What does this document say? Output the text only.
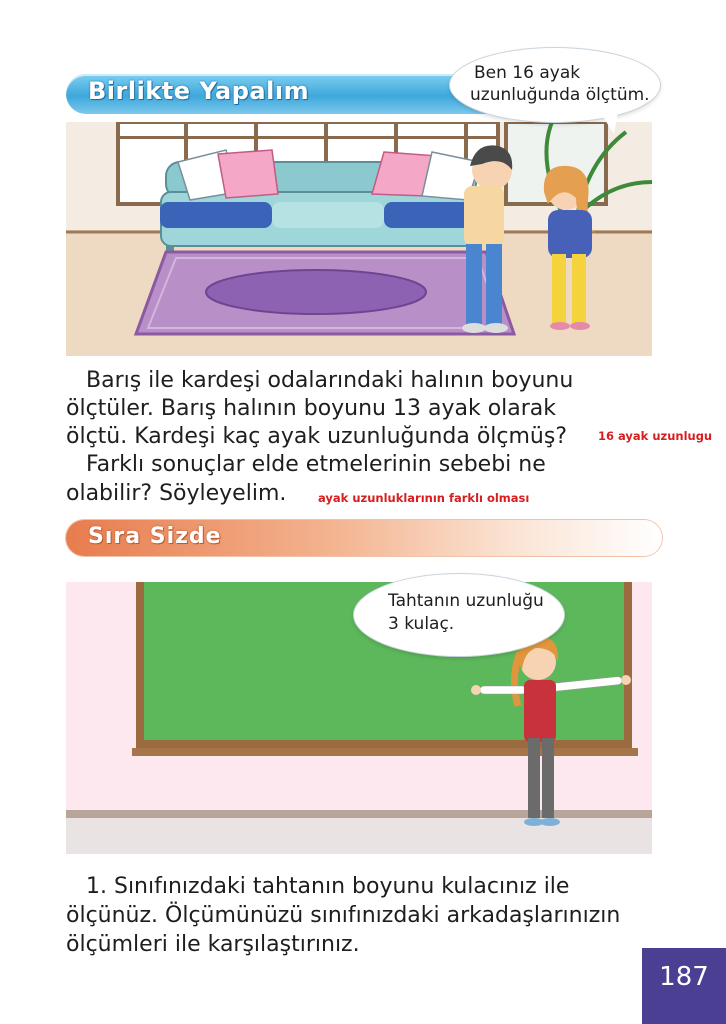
Birlikte Yapalım
Ben 16 ayak
uzunluğunda ölçtüm.
Barış ile kardeşi odalarındaki halının boyunu
ölçtüler. Barış halının boyunu 13 ayak olarak
ölçtü. Kardeşi kaç ayak uzunluğunda ölçmüş?
Farklı sonuçlar elde etmelerinin sebebi ne
olabilir? Söyleyelim.
16 ayak uzunlugu
ayak uzunluklarının farklı olması
Sıra Sizde
Tahtanın uzunluğu
3 kulaç.
1. Sınıfınızdaki tahtanın boyunu kulacınız ile
ölçünüz. Ölçümünüzü sınıfınızdaki arkadaşlarınızın
ölçümleri ile karşılaştırınız.
187
